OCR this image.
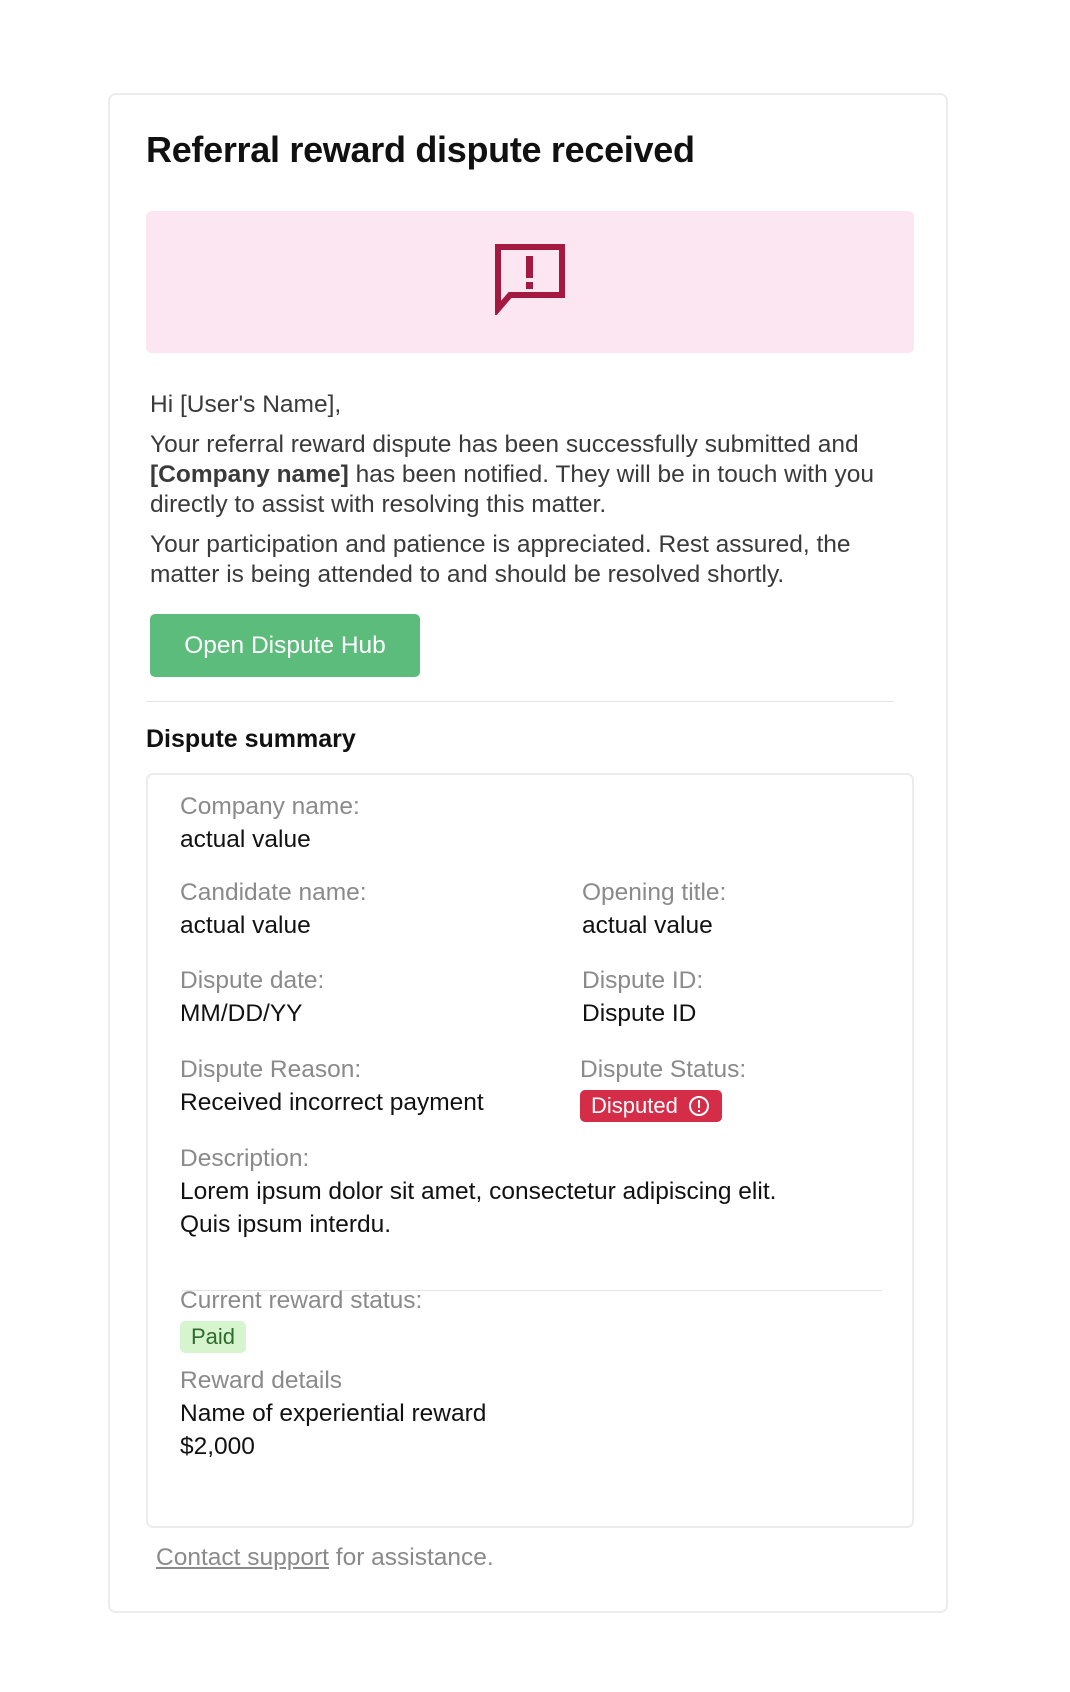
Referral reward dispute received

Hi [User's Name],

Your referral reward dispute has been successfully submitted and [Company name] has been notified. They will be in touch with you directly to assist with resolving this matter.

Your participation and patience is appreciated. Rest assured, the matter is being attended to and should be resolved shortly.

Open Dispute Hub
Dispute summary
Company name:
actual value
Candidate name:
actual value
Opening title:
actual value
Dispute date:
MM/DD/YY
Dispute ID:
Dispute ID
Dispute Reason:
Received incorrect payment
Dispute Status:
Disputed
Description:
Lorem ipsum dolor sit amet, consectetur adipiscing elit. Quis ipsum interdu.
Current reward status:
Paid
Reward details
Name of experiential reward
$2,000
Contact support for assistance.
